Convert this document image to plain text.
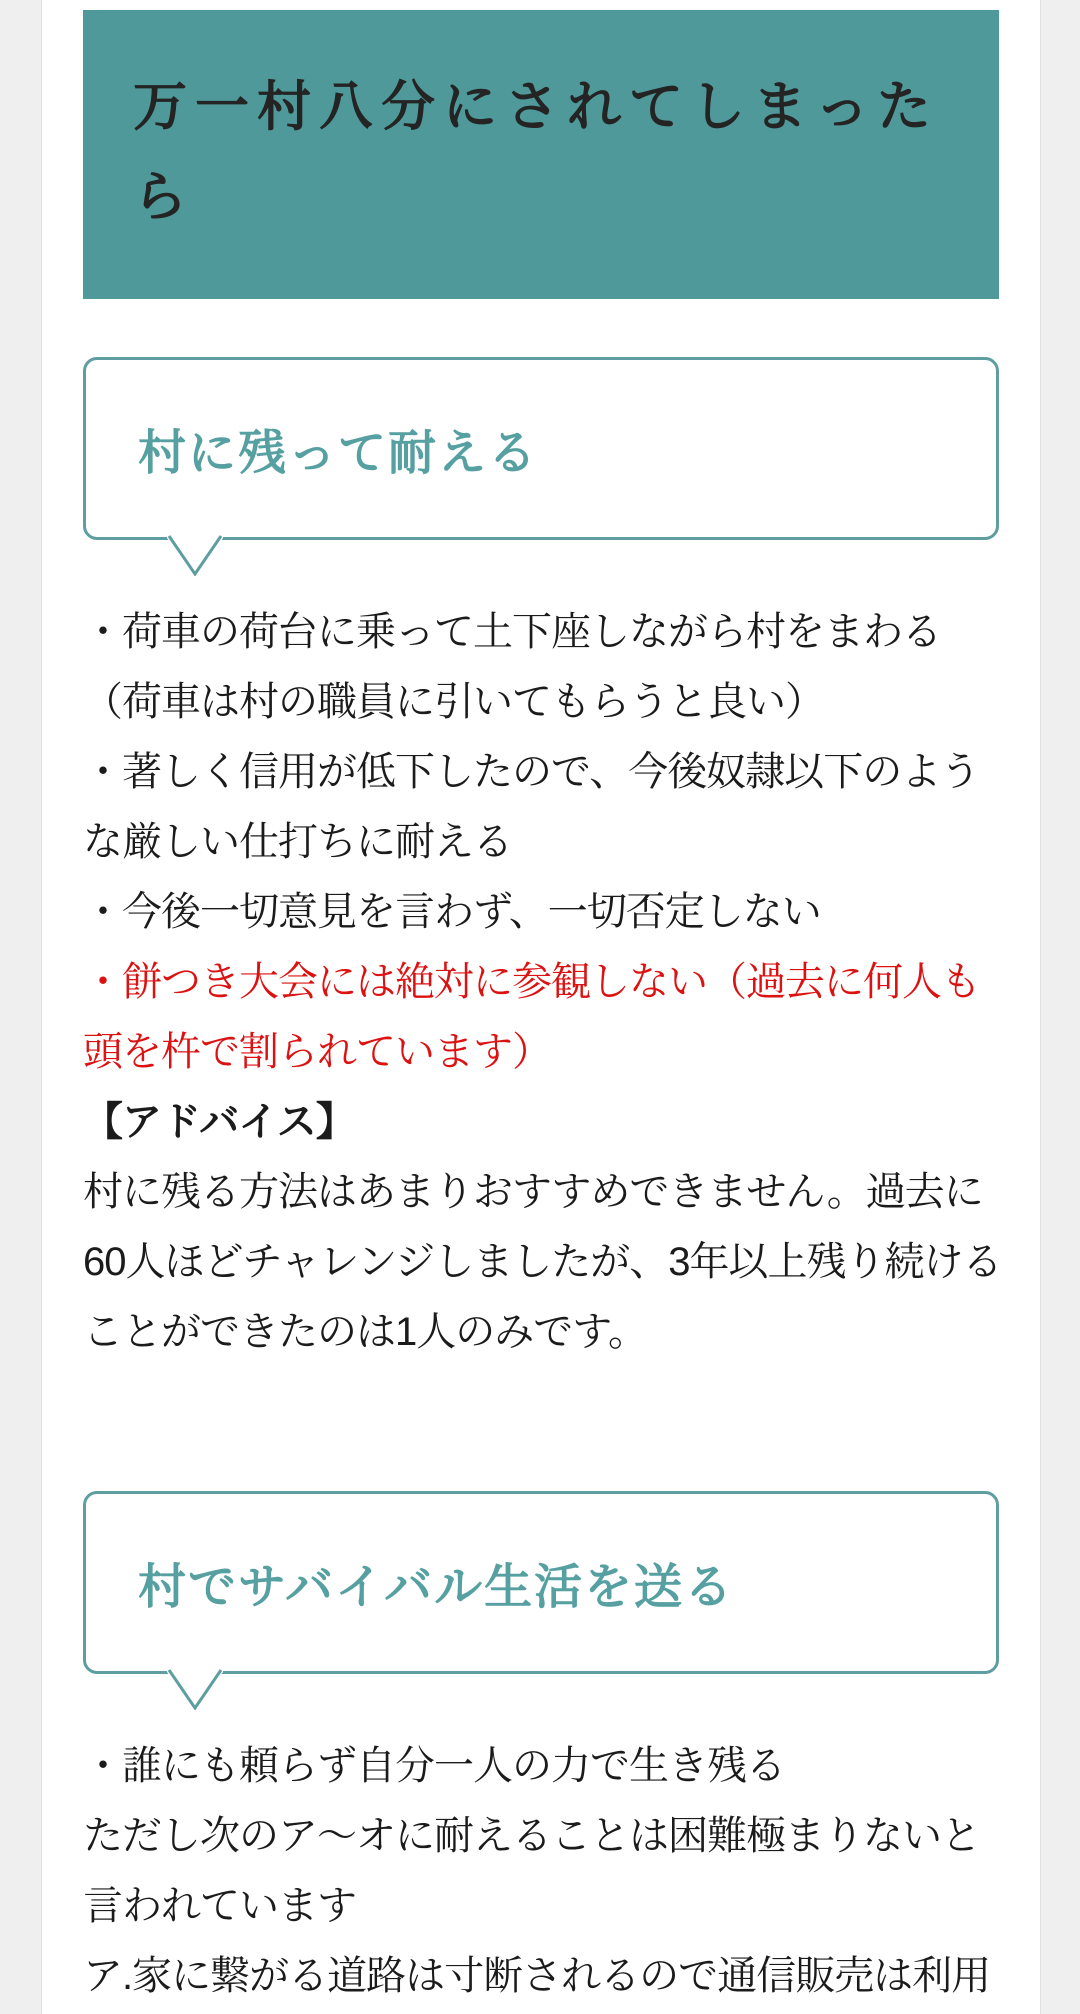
万一村八分にされてしまったら
村に残って耐える
・荷車の荷台に乗って土下座しながら村をまわる
（荷車は村の職員に引いてもらうと良い）
・著しく信用が低下したので、今後奴隷以下のよう
な厳しい仕打ちに耐える
・今後一切意見を言わず、一切否定しない
・餅つき大会には絶対に参観しない（過去に何人も
頭を杵で割られています）
【アドバイス】
村に残る方法はあまりおすすめできません。過去に
60人ほどチャレンジしましたが、3年以上残り続ける
ことができたのは1人のみです。
村でサバイバル生活を送る
・誰にも頼らず自分一人の力で生き残る
ただし次のア〜オに耐えることは困難極まりないと
言われています
ア.家に繋がる道路は寸断されるので通信販売は利用
